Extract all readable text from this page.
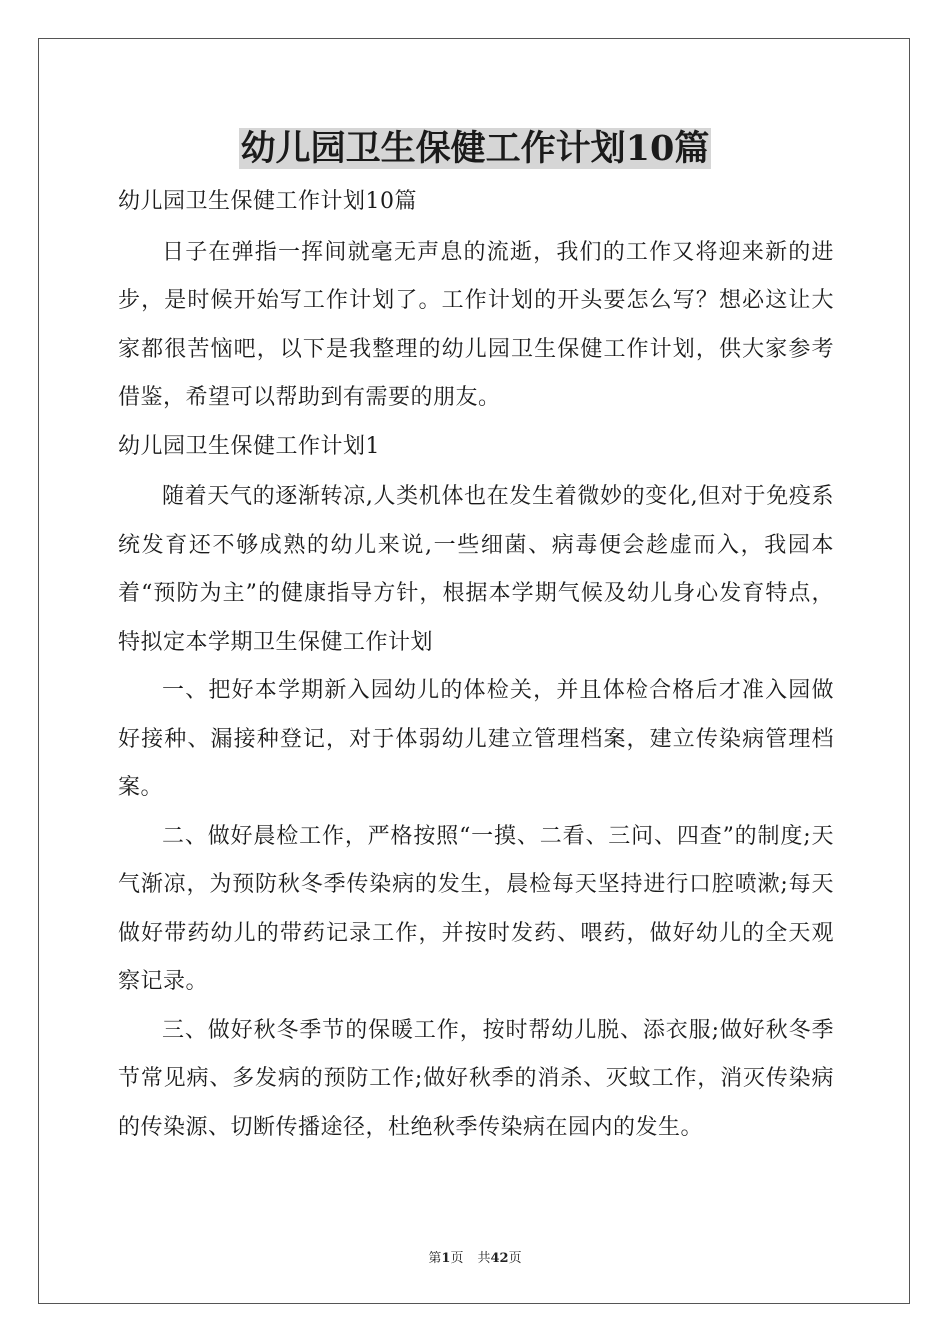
幼儿园卫生保健工作计划10篇

幼儿园卫生保健工作计划10篇

日子在弹指一挥间就毫无声息的流逝，我们的工作又将迎来新的进步，是时候开始写工作计划了。工作计划的开头要怎么写？想必这让大家都很苦恼吧，以下是我整理的幼儿园卫生保健工作计划，供大家参考借鉴，希望可以帮助到有需要的朋友。

幼儿园卫生保健工作计划1

随着天气的逐渐转凉,人类机体也在发生着微妙的变化,但对于免疫系统发育还不够成熟的幼儿来说,一些细菌、病毒便会趁虚而入，我园本着“预防为主”的健康指导方针，根据本学期气候及幼儿身心发育特点，特拟定本学期卫生保健工作计划

一、把好本学期新入园幼儿的体检关，并且体检合格后才准入园做好接种、漏接种登记，对于体弱幼儿建立管理档案，建立传染病管理档案。

二、做好晨检工作，严格按照“一摸、二看、三问、四查”的制度;天气渐凉，为预防秋冬季传染病的发生，晨检每天坚持进行口腔喷漱;每天做好带药幼儿的带药记录工作，并按时发药、喂药，做好幼儿的全天观察记录。

三、做好秋冬季节的保暖工作，按时帮幼儿脱、添衣服;做好秋冬季节常见病、多发病的预防工作;做好秋季的消杀、灭蚊工作，消灭传染病的传染源、切断传播途径，杜绝秋季传染病在园内的发生。

第1页 共42页
